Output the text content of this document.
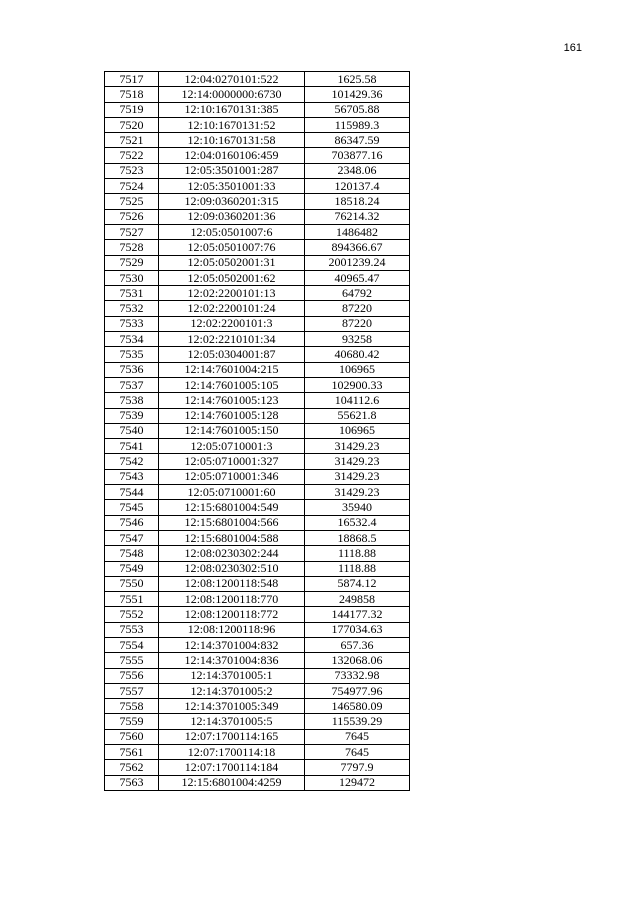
161
7517	12:04:0270101:522	1625.58
7518	12:14:0000000:6730	101429.36
7519	12:10:1670131:385	56705.88
7520	12:10:1670131:52	115989.3
7521	12:10:1670131:58	86347.59
7522	12:04:0160106:459	703877.16
7523	12:05:3501001:287	2348.06
7524	12:05:3501001:33	120137.4
7525	12:09:0360201:315	18518.24
7526	12:09:0360201:36	76214.32
7527	12:05:0501007:6	1486482
7528	12:05:0501007:76	894366.67
7529	12:05:0502001:31	2001239.24
7530	12:05:0502001:62	40965.47
7531	12:02:2200101:13	64792
7532	12:02:2200101:24	87220
7533	12:02:2200101:3	87220
7534	12:02:2210101:34	93258
7535	12:05:0304001:87	40680.42
7536	12:14:7601004:215	106965
7537	12:14:7601005:105	102900.33
7538	12:14:7601005:123	104112.6
7539	12:14:7601005:128	55621.8
7540	12:14:7601005:150	106965
7541	12:05:0710001:3	31429.23
7542	12:05:0710001:327	31429.23
7543	12:05:0710001:346	31429.23
7544	12:05:0710001:60	31429.23
7545	12:15:6801004:549	35940
7546	12:15:6801004:566	16532.4
7547	12:15:6801004:588	18868.5
7548	12:08:0230302:244	1118.88
7549	12:08:0230302:510	1118.88
7550	12:08:1200118:548	5874.12
7551	12:08:1200118:770	249858
7552	12:08:1200118:772	144177.32
7553	12:08:1200118:96	177034.63
7554	12:14:3701004:832	657.36
7555	12:14:3701004:836	132068.06
7556	12:14:3701005:1	73332.98
7557	12:14:3701005:2	754977.96
7558	12:14:3701005:349	146580.09
7559	12:14:3701005:5	115539.29
7560	12:07:1700114:165	7645
7561	12:07:1700114:18	7645
7562	12:07:1700114:184	7797.9
7563	12:15:6801004:4259	129472
